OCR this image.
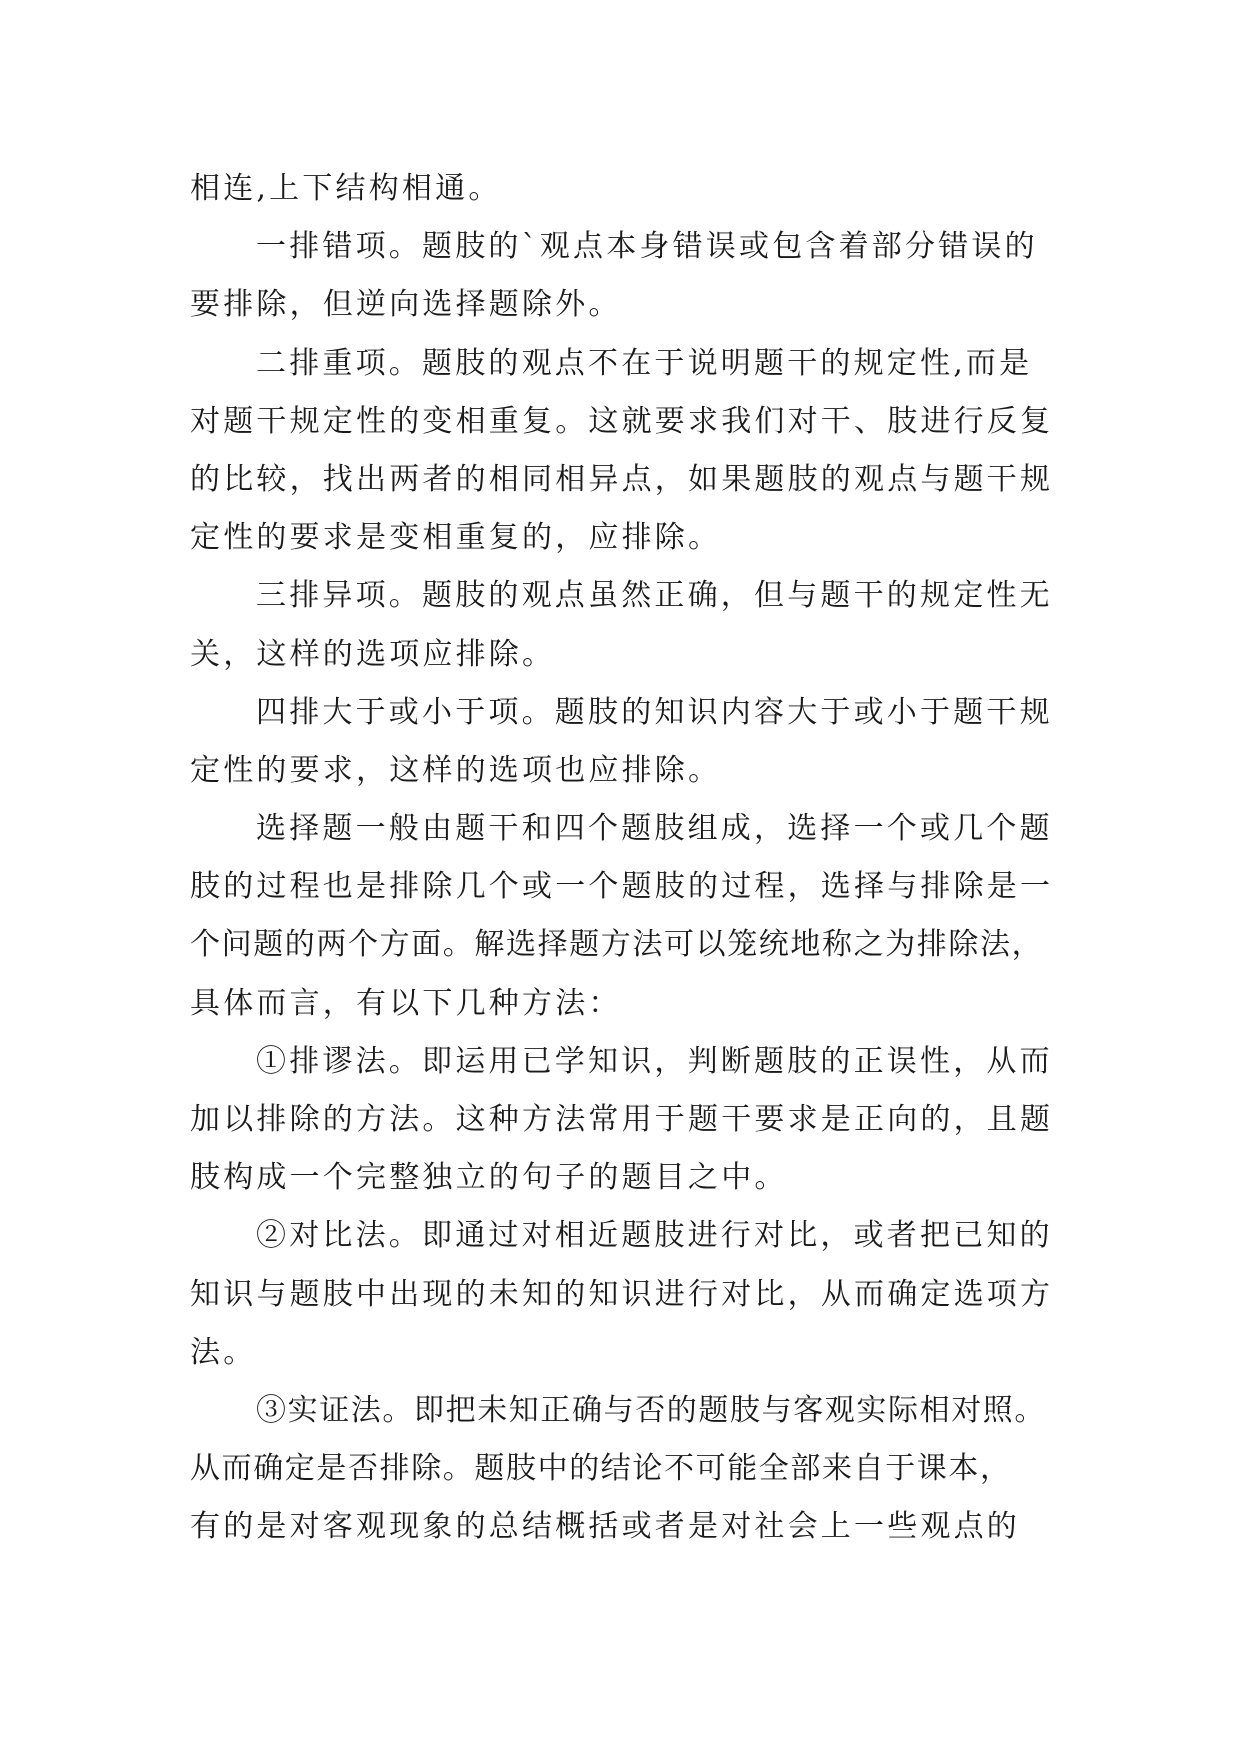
相连,上下结构相通。
一排错项。题肢的`观点本身错误或包含着部分错误的
要排除，但逆向选择题除外。
二排重项。题肢的观点不在于说明题干的规定性,而是
对题干规定性的变相重复。这就要求我们对干、肢进行反复
的比较，找出两者的相同相异点，如果题肢的观点与题干规
定性的要求是变相重复的，应排除。
三排异项。题肢的观点虽然正确，但与题干的规定性无
关，这样的选项应排除。
四排大于或小于项。题肢的知识内容大于或小于题干规
定性的要求，这样的选项也应排除。
选择题一般由题干和四个题肢组成，选择一个或几个题
肢的过程也是排除几个或一个题肢的过程，选择与排除是一
个问题的两个方面。解选择题方法可以笼统地称之为排除法，
具体而言，有以下几种方法：
①排谬法。即运用已学知识，判断题肢的正误性，从而
加以排除的方法。这种方法常用于题干要求是正向的，且题
肢构成一个完整独立的句子的题目之中。
②对比法。即通过对相近题肢进行对比，或者把已知的
知识与题肢中出现的未知的知识进行对比，从而确定选项方
法。
③实证法。即把未知正确与否的题肢与客观实际相对照。
从而确定是否排除。题肢中的结论不可能全部来自于课本，
有的是对客观现象的总结概括或者是对社会上一些观点的
